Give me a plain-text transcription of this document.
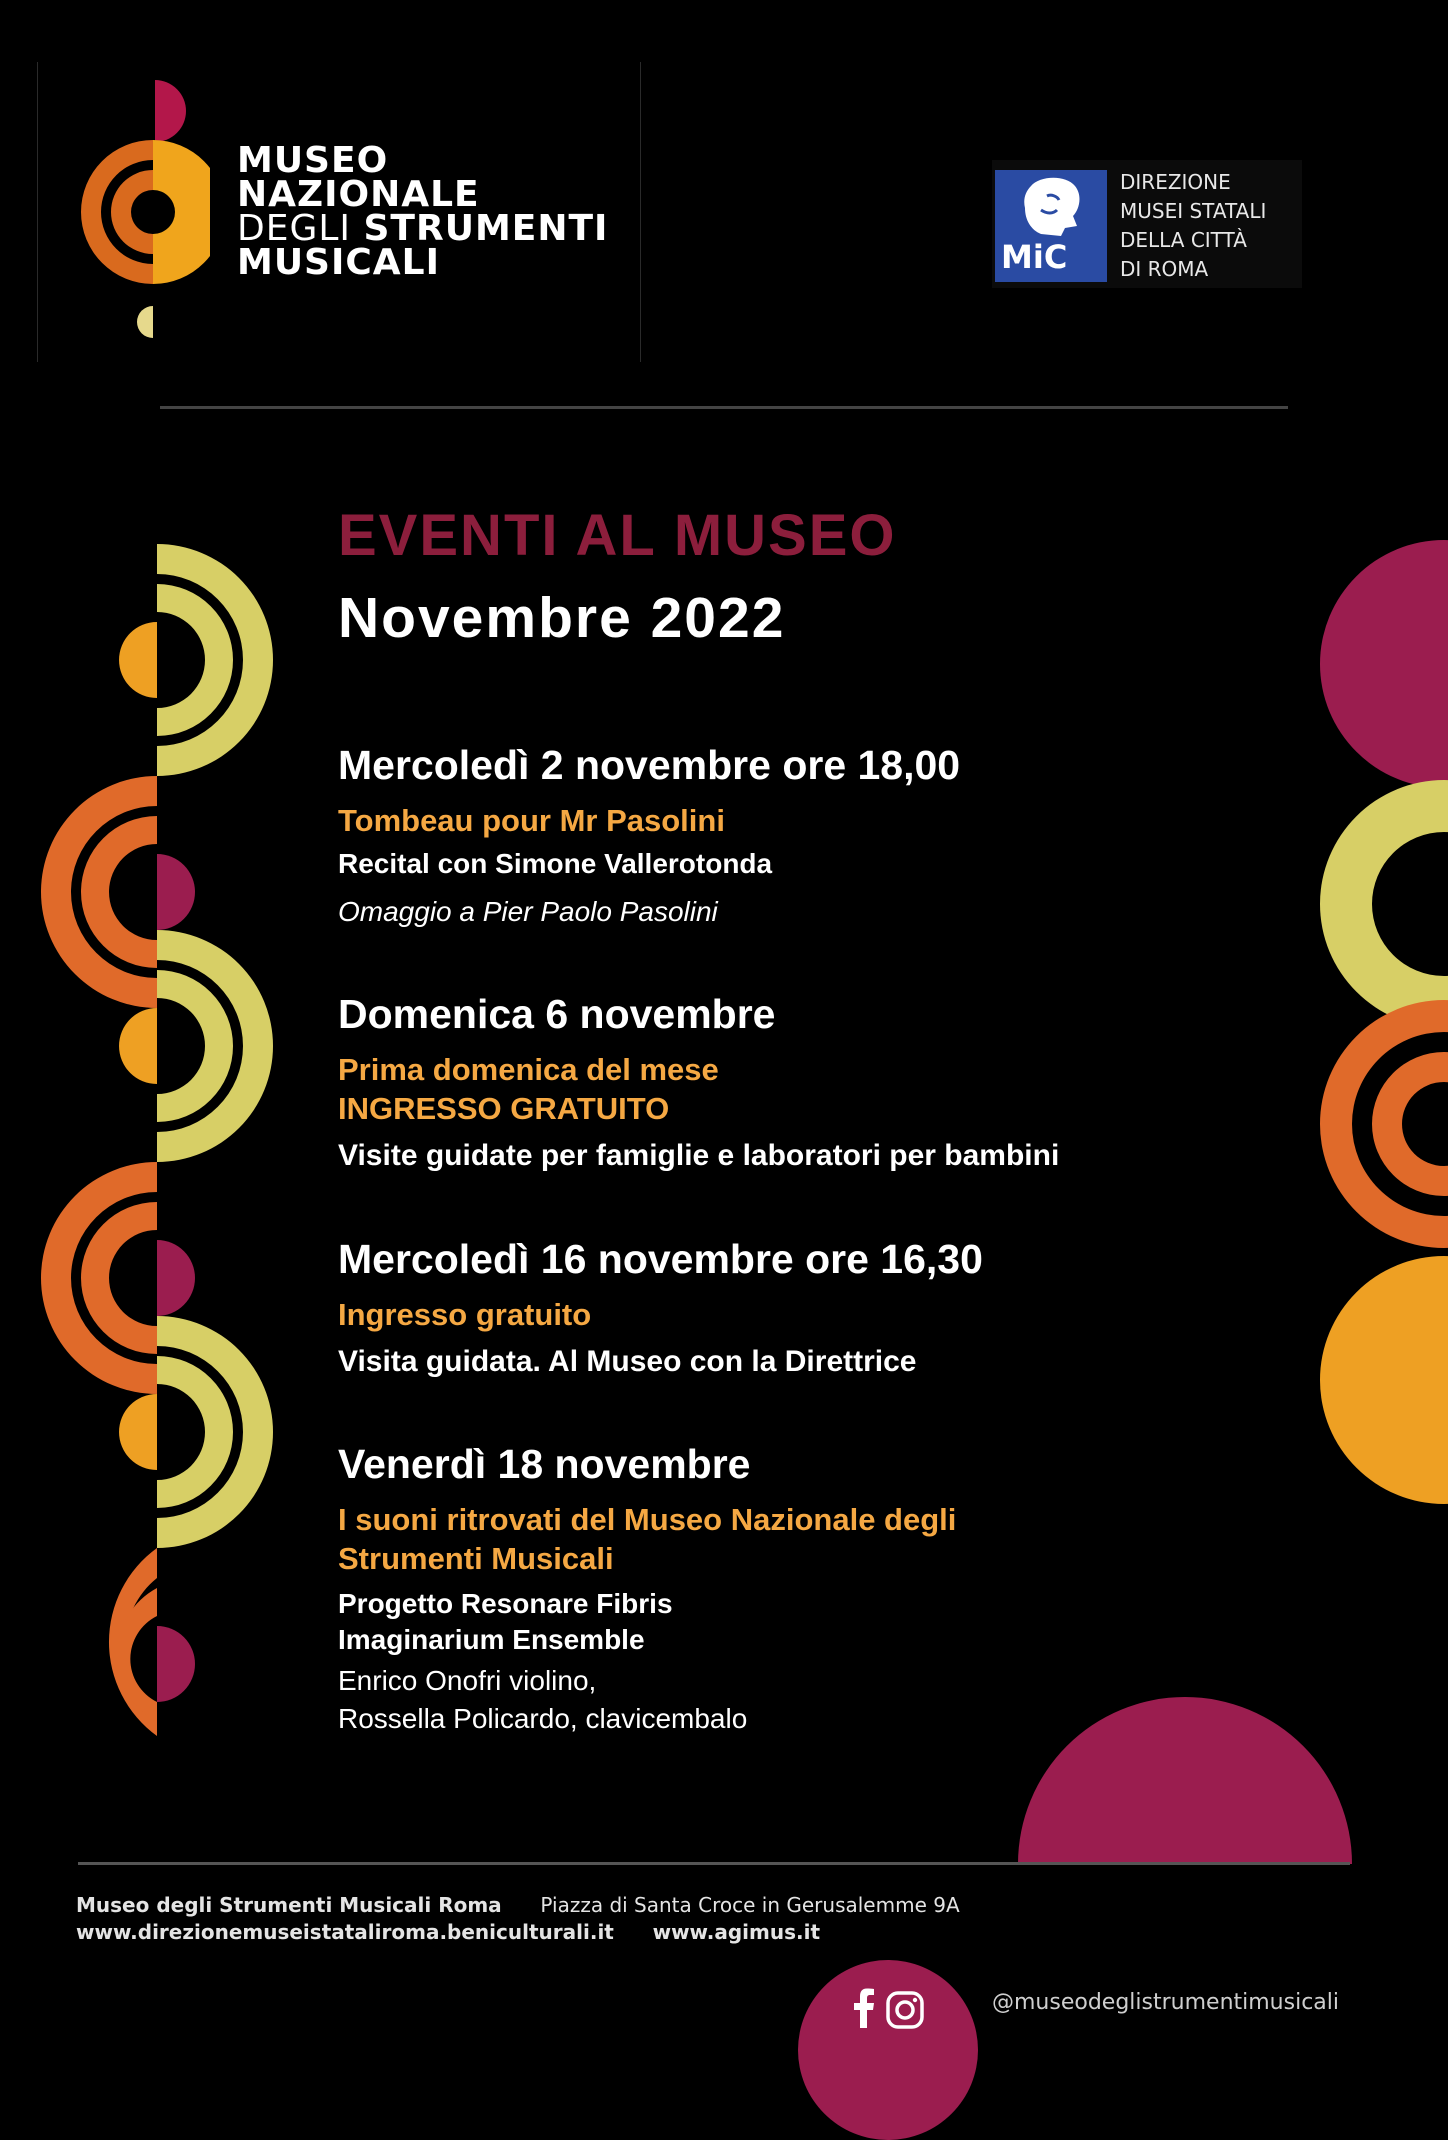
MUSEO
NAZIONALE
DEGLI STRUMENTI
MUSICALI	MiC
DIREZIONE
MUSEI STATALI
DELLA CITTÀ
DI ROMA
EVENTI AL MUSEO
Novembre 2022
Mercoledì 2 novembre ore 18,00
Tombeau pour Mr Pasolini
Recital con Simone Vallerotonda
Omaggio a Pier Paolo Pasolini
Domenica 6 novembre
Prima domenica del mese
INGRESSO GRATUITO
Visite guidate per famiglie e laboratori per bambini
Mercoledì 16 novembre ore 16,30
Ingresso gratuito
Visita guidata. Al Museo con la Direttrice
Venerdì 18 novembre
I suoni ritrovati del Museo Nazionale degli
Strumenti Musicali
Progetto Resonare Fibris
Imaginarium Ensemble
Enrico Onofri violino,
Rossella Policardo, clavicembalo
Museo degli Strumenti Musicali Roma Piazza di Santa Croce in Gerusalemme 9A
www.direzionemuseistataliroma.beniculturali.it www.agimus.it
@museodeglistrumentimusicali
